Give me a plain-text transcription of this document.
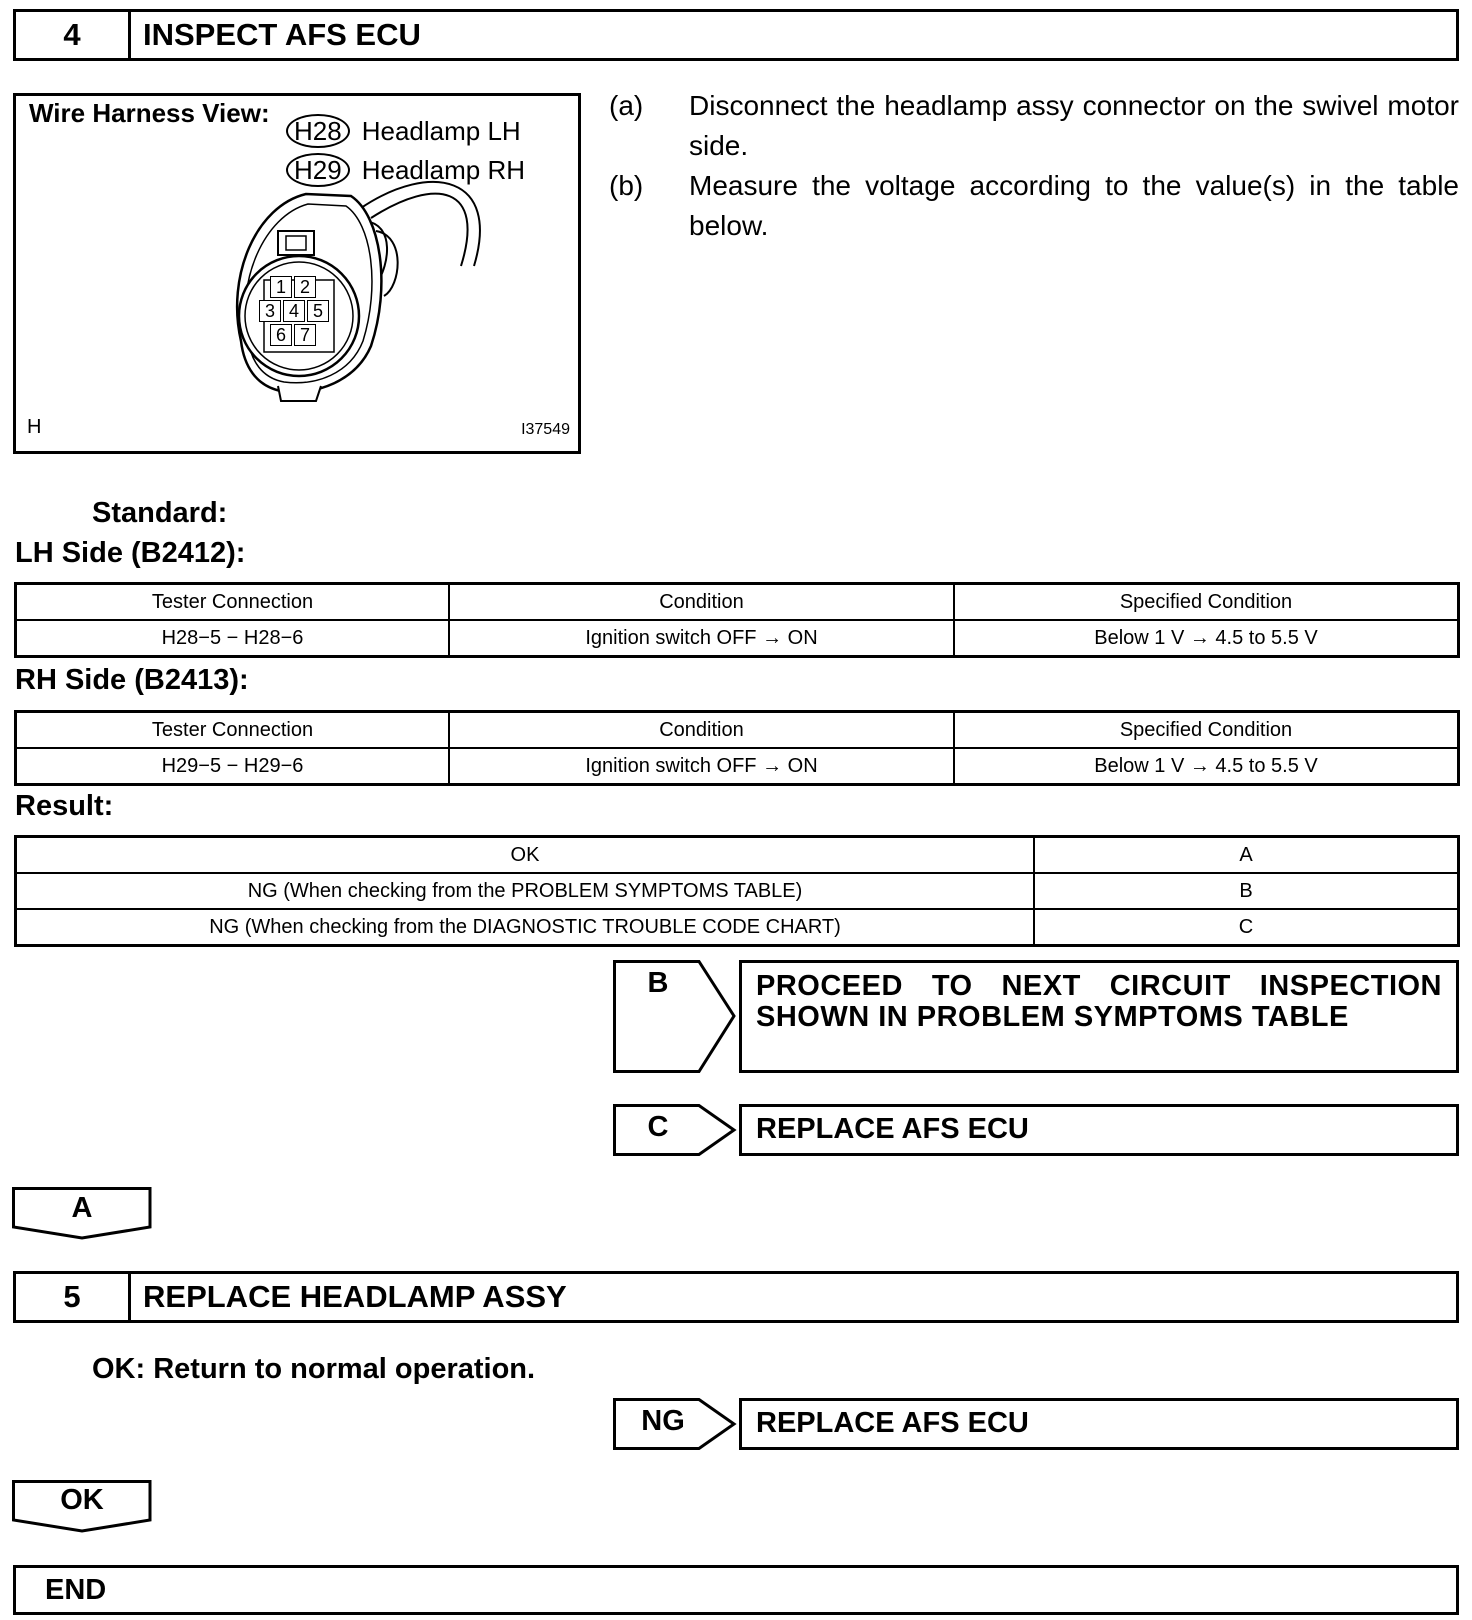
4	INSPECT AFS ECU
Wire Harness View:
H28 Headlamp LH
H29 Headlamp RH
1 2
3 4 5
6 7
H	I37549
(a)	Disconnect the headlamp assy connector on the swivel motor side.
(b)	Measure the voltage according to the value(s) in the table below.
Standard:
LH Side (B2412):
Tester Connection	Condition	Specified Condition
H28−5 − H28−6	Ignition switch OFF → ON	Below 1 V → 4.5 to 5.5 V
RH Side (B2413):
Tester Connection	Condition	Specified Condition
H29−5 − H29−6	Ignition switch OFF → ON	Below 1 V → 4.5 to 5.5 V
Result:
OK	A
NG (When checking from the PROBLEM SYMPTOMS TABLE)	B
NG (When checking from the DIAGNOSTIC TROUBLE CODE CHART)	C
B	PROCEED TO NEXT CIRCUIT INSPECTION SHOWN IN PROBLEM SYMPTOMS TABLE
C	REPLACE AFS ECU
A
5	REPLACE HEADLAMP ASSY
OK: Return to normal operation.
NG	REPLACE AFS ECU
OK
END
